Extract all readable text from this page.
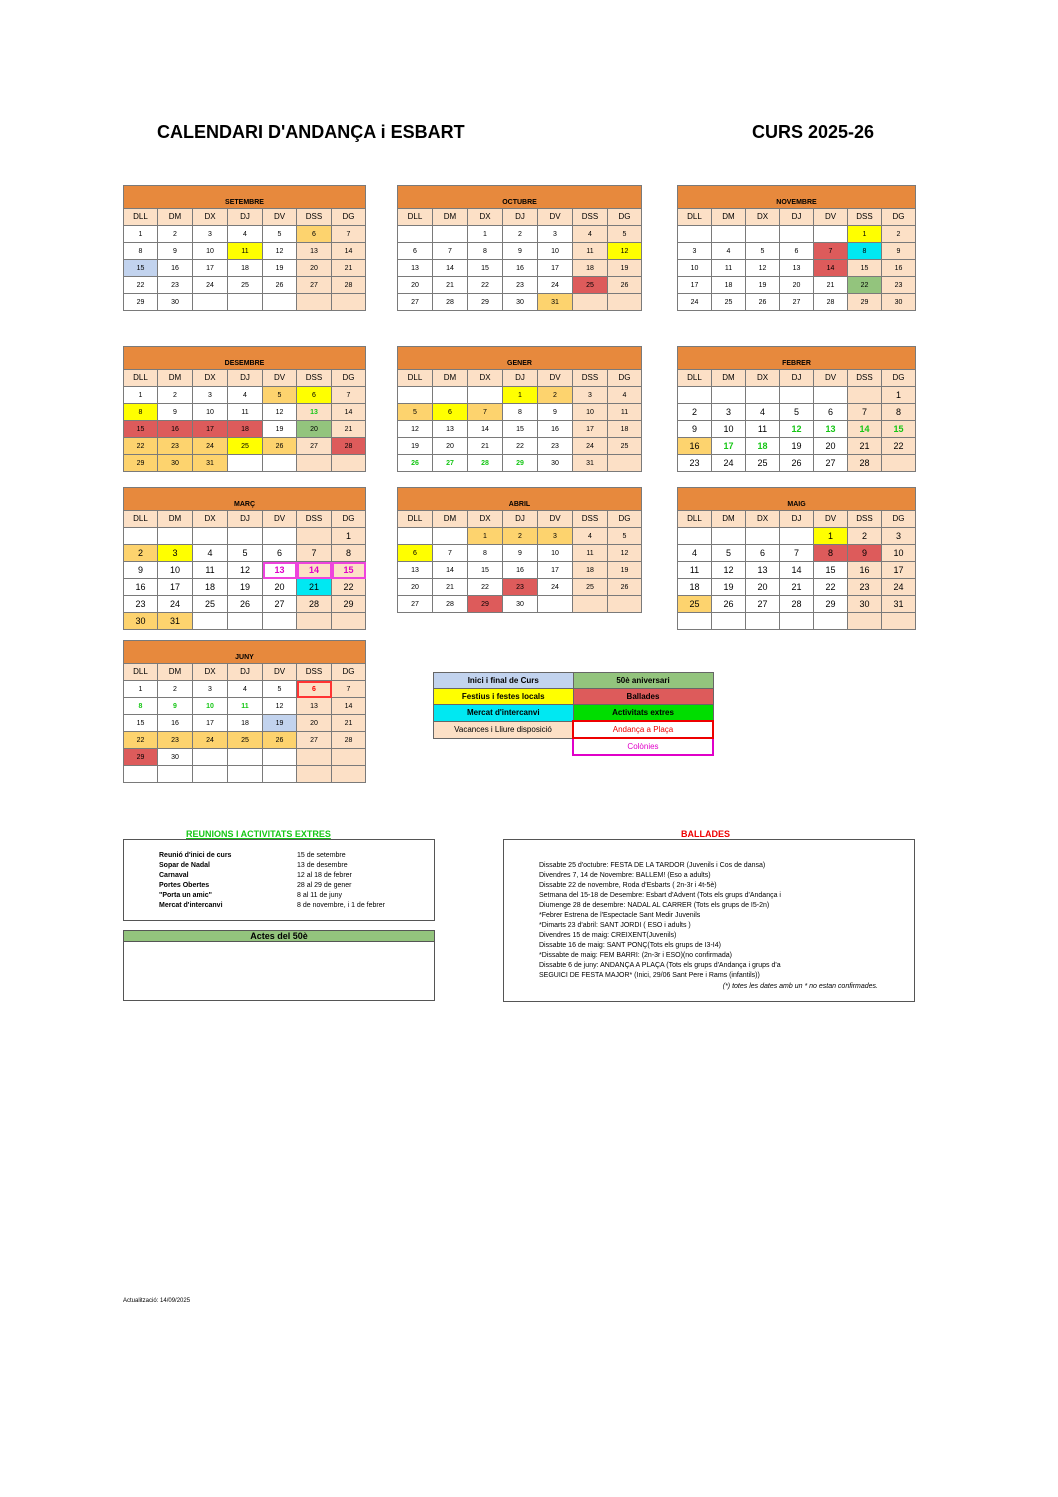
CALENDARI D'ANDANÇA i ESBART	CURS 2025-26
SETEMBRE						
DLL	DM	DX	DJ	DV	DSS	DG
1	2	3	4	5	6	7
8	9	10	11	12	13	14
15	16	17	18	19	20	21
22	23	24	25	26	27	28
29	30					
OCTUBRE						
DLL	DM	DX	DJ	DV	DSS	DG
		1	2	3	4	5
6	7	8	9	10	11	12
13	14	15	16	17	18	19
20	21	22	23	24	25	26
27	28	29	30	31		
NOVEMBRE						
DLL	DM	DX	DJ	DV	DSS	DG
					1	2
3	4	5	6	7	8	9
10	11	12	13	14	15	16
17	18	19	20	21	22	23
24	25	26	27	28	29	30
DESEMBRE						
DLL	DM	DX	DJ	DV	DSS	DG
1	2	3	4	5	6	7
8	9	10	11	12	13	14
15	16	17	18	19	20	21
22	23	24	25	26	27	28
29	30	31				
GENER						
DLL	DM	DX	DJ	DV	DSS	DG
			1	2	3	4
5	6	7	8	9	10	11
12	13	14	15	16	17	18
19	20	21	22	23	24	25
26	27	28	29	30	31	
FEBRER						
DLL	DM	DX	DJ	DV	DSS	DG
						1
2	3	4	5	6	7	8
9	10	11	12	13	14	15
16	17	18	19	20	21	22
23	24	25	26	27	28	
MARÇ						
DLL	DM	DX	DJ	DV	DSS	DG
						1
2	3	4	5	6	7	8
9	10	11	12	13	14	15
16	17	18	19	20	21	22
23	24	25	26	27	28	29
30	31					
ABRIL						
DLL	DM	DX	DJ	DV	DSS	DG
		1	2	3	4	5
6	7	8	9	10	11	12
13	14	15	16	17	18	19
20	21	22	23	24	25	26
27	28	29	30			
MAIG						
DLL	DM	DX	DJ	DV	DSS	DG
				1	2	3
4	5	6	7	8	9	10
11	12	13	14	15	16	17
18	19	20	21	22	23	24
25	26	27	28	29	30	31

JUNY						
DLL	DM	DX	DJ	DV	DSS	DG
1	2	3	4	5	6	7
8	9	10	11	12	13	14
15	16	17	18	19	20	21
22	23	24	25	26	27	28
29	30					

Inici i final de Curs	50è aniversari
Festius i festes locals	Ballades
Mercat d'intercanvi	Activitats extres
Vacances i Lliure disposició	Andança a Plaça
	Colònies
REUNIONS I ACTIVITATS EXTRES	BALLADES
Reunió d'inici de curs	15 de setembre
Sopar de Nadal	13 de desembre
Carnaval	12 al 18 de febrer
Portes Obertes	28 al 29 de gener
"Porta un amic"	8 al 11 de juny
Mercat d'intercanvi	8 de novembre, i 1 de febrer
Actes del 50è
(*) totes les dates amb un * no estan confirmades.
Dissabte 25 d'octubre: FESTA DE LA TARDOR (Juvenils i Cos de dansa)
Divendres 7, 14 de Novembre: BALLEM! (Eso a adults)
Dissabte 22 de novembre, Roda d'Esbarts ( 2n-3r i 4t-5è)
Setmana del 15-18 de Desembre: Esbart d'Advent (Tots els grups d'Andança i
Diumenge 28 de desembre: NADAL AL CARRER (Tots els grups de I5-2n)
*Febrer Estrena de l'Espectacle Sant Medir Juvenils
*Dimarts 23 d'abril: SANT JORDI ( ESO i adults )
Divendres 15 de maig: CREIXENT(Juvenils)
Dissabte 16 de maig: SANT PONÇ(Tots els grups de I3-I4)
*Dissabte de maig: FEM BARRI: (2n-3r i ESO)(no confirmada)
Dissabte 6 de juny: ANDANÇA A PLAÇA (Tots els grups d'Andança i grups d'a
SEGUICI DE FESTA MAJOR* (Inici, 29/06 Sant Pere i Rams (infantils))
Actualització: 14/09/2025
